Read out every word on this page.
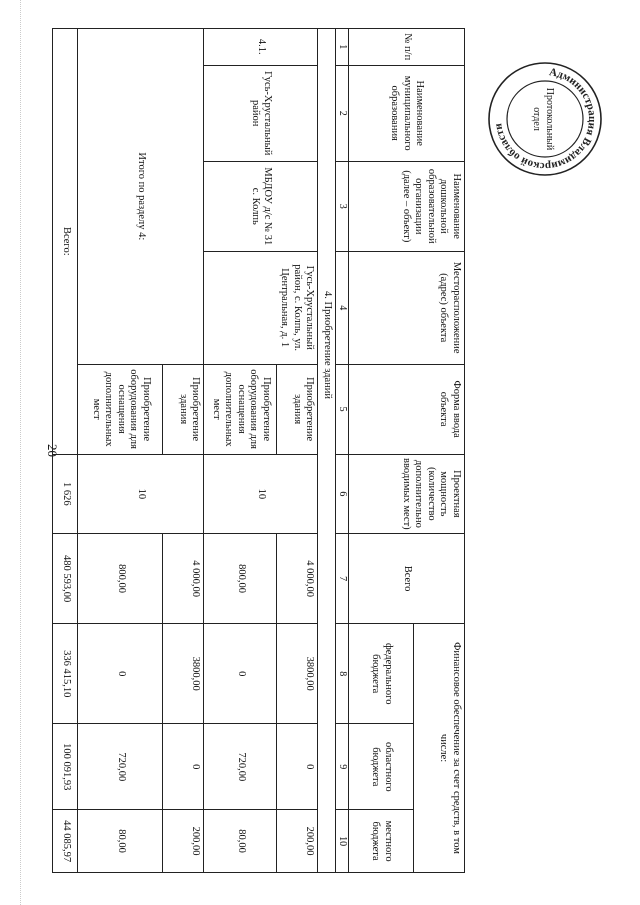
20
№ п/п	Наименование муниципального образования	Наименование дошкольной образовательной организации (далее – объект)	Месторасположение (адрес) объекта	Форма ввода объекта	Проектная мощность (количество дополнительно вводимых мест)	Всего	Финансовое обеспечение за счет средств, в том числе:		
							федерального бюджета	областного бюджета	местного бюджета
1	2	3	4	5	6	7	8	9	10
4. Приобретение зданий									
4.1.	Гусь-Хрустальный район	МБДОУ д/с № 31 с. Колпь	Гусь-Хрустальный район, с. Колпь, ул. Центральная, д. 1	Приобретение здания	10	4 000,00	3800,00	0	200,00
				Приобретение оборудования для оснащения дополнительных мест		800,00	0	720,00	80,00
Итого по разделу 4:				Приобретение здания	10	4 000,00	3800,00	0	200,00
				Приобретение оборудования для оснащения дополнительных мест		800,00	0	720,00	80,00
Всего:					1 626	480 593,00	336 415,10	100 091,93	44 085,97
Администрация Владимирской области	Протокольный
отдел
